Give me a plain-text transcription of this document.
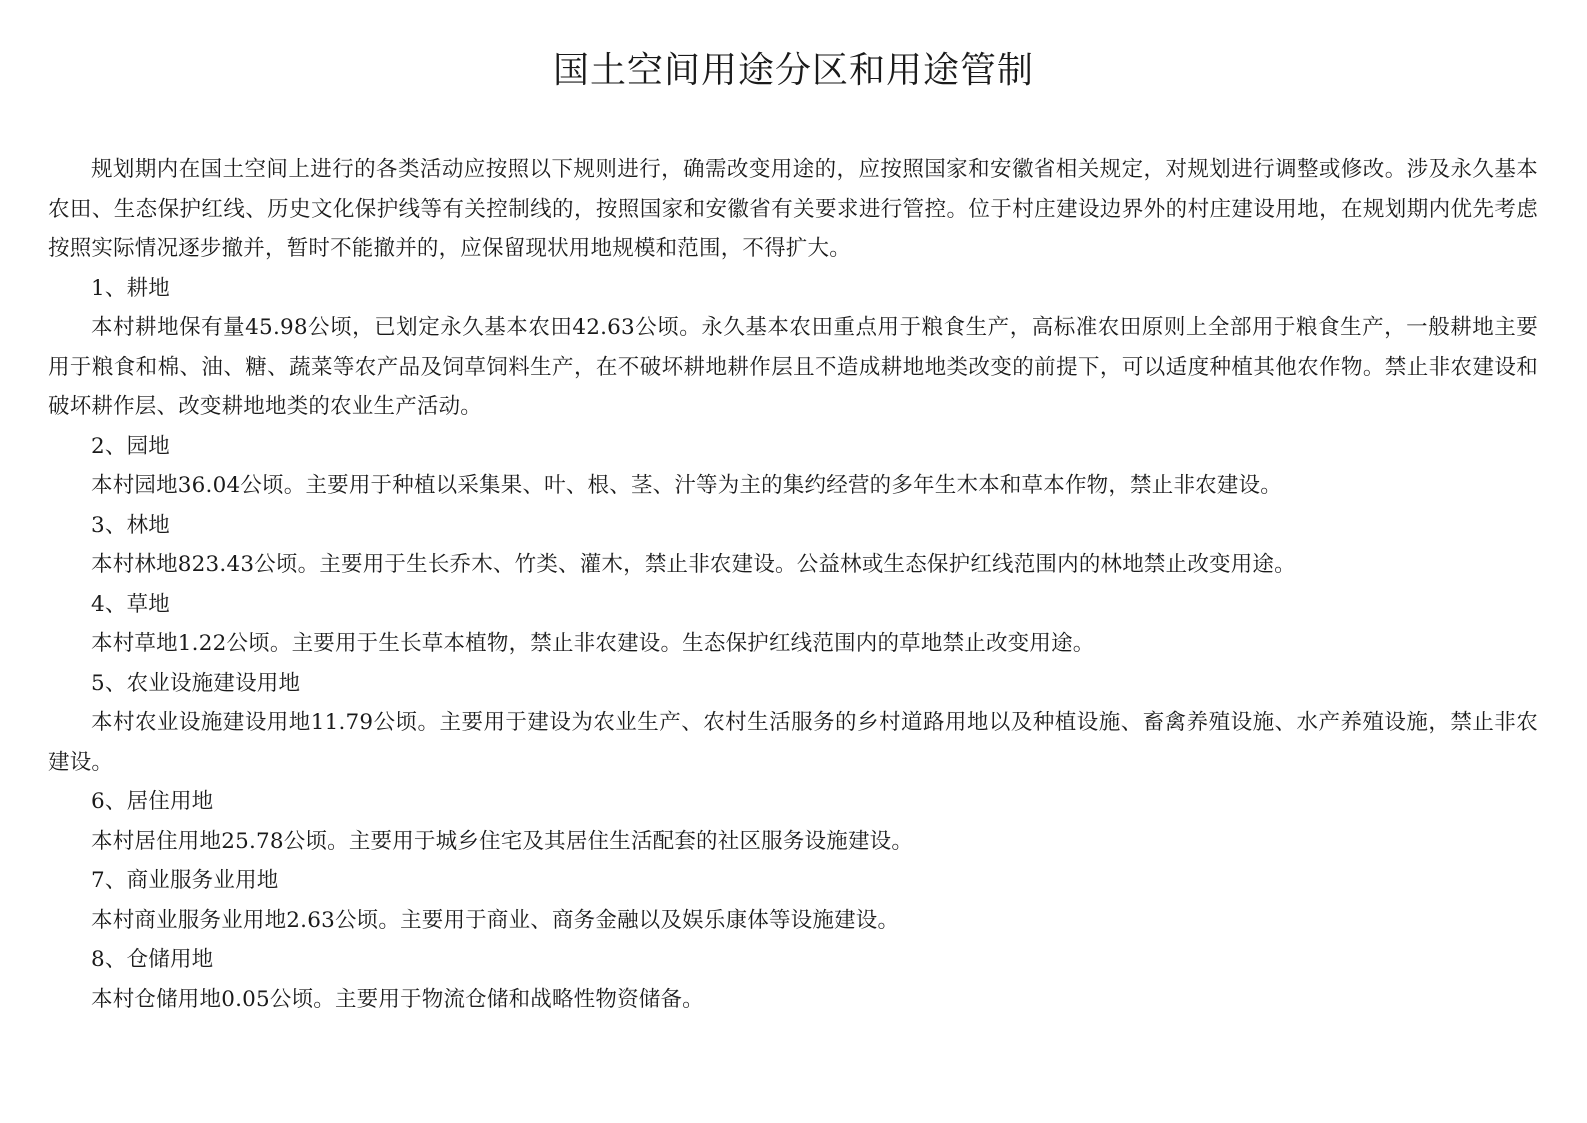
国土空间用途分区和用途管制

规划期内在国土空间上进行的各类活动应按照以下规则进行，确需改变用途的，应按照国家和安徽省相关规定，对规划进行调整或修改。涉及永久基本农田、生态保护红线、历史文化保护线等有关控制线的，按照国家和安徽省有关要求进行管控。位于村庄建设边界外的村庄建设用地，在规划期内优先考虑按照实际情况逐步撤并，暂时不能撤并的，应保留现状用地规模和范围，不得扩大。

1、耕地

本村耕地保有量45.98公顷，已划定永久基本农田42.63公顷。永久基本农田重点用于粮食生产，高标准农田原则上全部用于粮食生产，一般耕地主要用于粮食和棉、油、糖、蔬菜等农产品及饲草饲料生产，在不破坏耕地耕作层且不造成耕地地类改变的前提下，可以适度种植其他农作物。禁止非农建设和破坏耕作层、改变耕地地类的农业生产活动。

2、园地

本村园地36.04公顷。主要用于种植以采集果、叶、根、茎、汁等为主的集约经营的多年生木本和草本作物，禁止非农建设。

3、林地

本村林地823.43公顷。主要用于生长乔木、竹类、灌木，禁止非农建设。公益林或生态保护红线范围内的林地禁止改变用途。

4、草地

本村草地1.22公顷。主要用于生长草本植物，禁止非农建设。生态保护红线范围内的草地禁止改变用途。

5、农业设施建设用地

本村农业设施建设用地11.79公顷。主要用于建设为农业生产、农村生活服务的乡村道路用地以及种植设施、畜禽养殖设施、水产养殖设施，禁止非农建设。

6、居住用地

本村居住用地25.78公顷。主要用于城乡住宅及其居住生活配套的社区服务设施建设。

7、商业服务业用地

本村商业服务业用地2.63公顷。主要用于商业、商务金融以及娱乐康体等设施建设。

8、仓储用地

本村仓储用地0.05公顷。主要用于物流仓储和战略性物资储备。
